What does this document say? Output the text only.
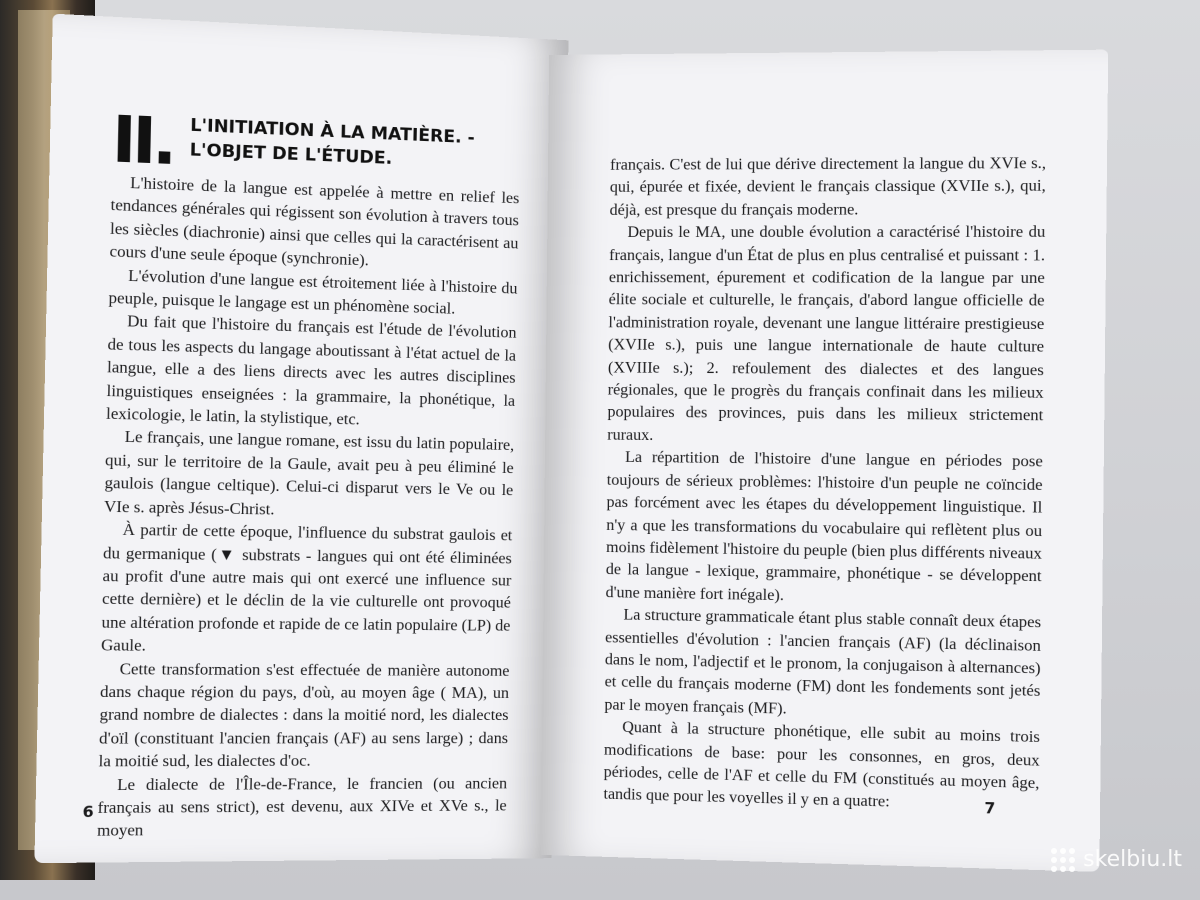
II. L'INITIATION À LA MATIÈRE. -
L'OBJET DE L'ÉTUDE.

L'histoire de la langue est appelée à mettre en relief les tendances générales qui régissent son évolution à travers tous les siècles (diachronie) ainsi que celles qui la caractérisent au cours d'une seule époque (synchronie).

L'évolution d'une langue est étroitement liée à l'histoire du peuple, puisque le langage est un phénomène social.

Du fait que l'histoire du français est l'étude de l'évolution de tous les aspects du langage aboutissant à l'état actuel de la langue, elle a des liens directs avec les autres disciplines linguistiques enseignées : la grammaire, la phonétique, la lexicologie, le latin, la stylistique, etc.

Le français, une langue romane, est issu du latin populaire, qui, sur le territoire de la Gaule, avait peu à peu éliminé le gaulois (langue celtique). Celui-ci disparut vers le Ve ou le VIe s. après Jésus-Christ.

À partir de cette époque, l'influence du substrat gaulois et du germanique (▼ substrats - langues qui ont été éliminées au profit d'une autre mais qui ont exercé une influence sur cette dernière) et le déclin de la vie culturelle ont provoqué une altération profonde et rapide de ce latin populaire (LP) de Gaule.

Cette transformation s'est effectuée de manière autonome dans chaque région du pays, d'où, au moyen âge ( MA), un grand nombre de dialectes : dans la moitié nord, les dialectes d'oïl (constituant l'ancien français (AF) au sens large) ; dans la moitié sud, les dialectes d'oc.

Le dialecte de l'Île-de-France, le francien (ou ancien français au sens strict), est devenu, aux XIVe et XVe s., le moyen

6

français. C'est de lui que dérive directement la langue du XVIe s., qui, épurée et fixée, devient le français classique (XVIIe s.), qui, déjà, est presque du français moderne.

Depuis le MA, une double évolution a caractérisé l'histoire du français, langue d'un État de plus en plus centralisé et puissant : 1. enrichissement, épurement et codification de la langue par une élite sociale et culturelle, le français, d'abord langue officielle de l'administration royale, devenant une langue littéraire prestigieuse (XVIIe s.), puis une langue internationale de haute culture (XVIIIe s.); 2. refoulement des dialectes et des langues régionales, que le progrès du français confinait dans les milieux populaires des provinces, puis dans les milieux strictement ruraux.

La répartition de l'histoire d'une langue en périodes pose toujours de sérieux problèmes: l'histoire d'un peuple ne coïncide pas forcément avec les étapes du développement linguistique. Il n'y a que les transformations du vocabulaire qui reflètent plus ou moins fidèlement l'histoire du peuple (bien plus différents niveaux de la langue - lexique, grammaire, phonétique - se développent d'une manière fort inégale).

La structure grammaticale étant plus stable connaît deux étapes essentielles d'évolution : l'ancien français (AF) (la déclinaison dans le nom, l'adjectif et le pronom, la conjugaison à alternances) et celle du français moderne (FM) dont les fondements sont jetés par le moyen français (MF).

Quant à la structure phonétique, elle subit au moins trois modifications de base: pour les consonnes, en gros, deux périodes, celle de l'AF et celle du FM (constitués au moyen âge, tandis que pour les voyelles il y en a quatre:	7
skelbiu.lt
